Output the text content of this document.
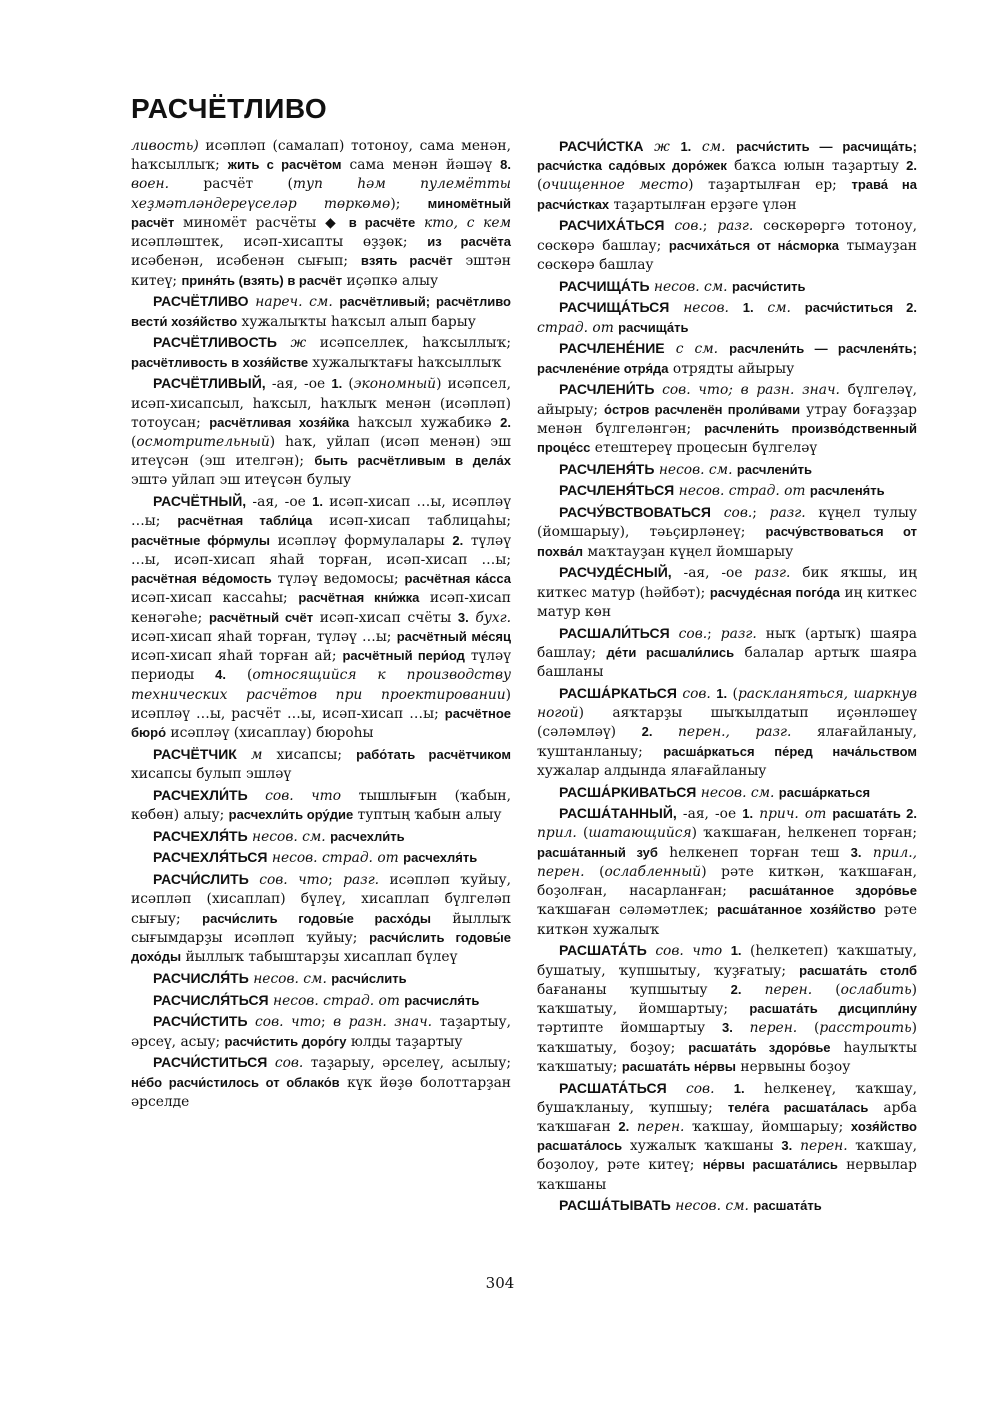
РАСЧЁТЛИВО

ливость) исәпләп (самалап) тотоноу, сама менән, һаҡсыллыҡ; жить с расчётом сама менән йәшәү 8. воен. расчёт (туп һәм пулемётты хеҙмәтләндереүселәр төркөмө); миномётный расчёт миномёт расчёты ◆ в расчёте кто, с кем исәпләштек, исәп-хисапты өҙҙөк; из расчёта исәбенән, исәбенән сығып; взять расчёт эштән китеү; приня́ть (взять) в расчёт иҫәпкә алыу

РАСЧЁТЛИВО нареч. см. расчётливый; расчётливо вести́ хозя́йство хужалыҡты һаҡсыл алып барыу

РАСЧЁТЛИВОСТЬ ж исәпселлек, һаҡсыллыҡ; расчётливость в хозя́йстве хужалыҡтағы һаҡсыллыҡ

РАСЧЁТЛИВЫЙ, -ая, -ое 1. (экономный) исәпсел, исәп-хисапсыл, һаҡсыл, һаҡлыҡ менән (исәпләп) тотоусан; расчётливая хозя́йка һаҡсыл хужабикә 2. (осмотрительный) һаҡ, уйлап (исәп менән) эш итеүсән (эш ителгән); быть расчётливым в дела́х эштә уйлап эш итеүсән булыу

РАСЧЁТНЫЙ, -ая, -ое 1. исәп-хисап …ы, исәпләү …ы; расчётная табли́ца исәп-хисап таблицаһы; расчётные фо́рмулы исәпләү формулалары 2. түләү …ы, исәп-хисап яһай торған, исәп-хисап …ы; расчётная ве́домость түләү ведомосы; расчётная ка́сса исәп-хисап кассаһы; расчётная кни́жка исәп-хисап кенәгәһе; расчётный счёт исәп-хисап счёты 3. бухг. исәп-хисап яһай торған, түләү …ы; расчётный ме́сяц исәп-хисап яһай торған ай; расчётный пери́од түләү периоды 4. (относящийся к производству технических расчётов при проектировании) исәпләү …ы, расчёт …ы, исәп-хисап …ы; расчётное бюро́ исәпләү (хисаплау) бюроһы

РАСЧЁТЧИК м хисапсы; рабо́тать расчётчиком хисапсы булып эшләү

РАСЧЕХЛИ́ТЬ сов. что тышлығын (ҡабын, көбөн) алыу; расчехли́ть ору́дие туптың ҡабын алыу

РАСЧЕХЛЯ́ТЬ несов. см. расчехли́ть

РАСЧЕХЛЯ́ТЬСЯ несов. страд. от расчехля́ть

РАСЧИ́СЛИТЬ сов. что; разг. исәпләп ҡуйыу, исәпләп (хисаплап) бүлеү, хисаплап бүлгеләп сығыу; расчи́слить годовы́е расхо́ды йыллыҡ сығымдарҙы исәпләп ҡуйыу; расчи́слить годовы́е дохо́ды йыллыҡ табыштарҙы хисаплап бүлеү

РАСЧИСЛЯ́ТЬ несов. см. расчи́слить

РАСЧИСЛЯ́ТЬСЯ несов. страд. от расчисля́ть

РАСЧИ́СТИТЬ сов. что; в разн. знач. таҙартыу, әрсеү, асыу; расчи́стить доро́гу юлды таҙартыу

РАСЧИ́СТИТЬСЯ сов. таҙарыу, әрселеү, асылыу; не́бо расчи́стилось от облако́в күк йөҙө болоттарҙан әрселде

РАСЧИ́СТКА ж 1. см. расчи́стить — расчища́ть; расчи́стка садо́вых доро́жек баҡса юлын таҙартыу 2. (очищенное место) таҙартылған ер; трава́ на расчи́стках таҙартылған ерҙәге үлән

РАСЧИХА́ТЬСЯ сов.; разг. сөскөрөргә тотоноу, сөскөрә башлау; расчиха́ться от на́сморка тымауҙан сөскөрә башлау

РАСЧИЩА́ТЬ несов. см. расчи́стить

РАСЧИЩА́ТЬСЯ несов. 1. см. расчи́ститься 2. страд. от расчища́ть

РАСЧЛЕНЕ́НИЕ с см. расчлени́ть — расчленя́ть; расчлене́ние отря́да отрядты айырыу

РАСЧЛЕНИ́ТЬ сов. что; в разн. знач. бүлгеләү, айырыу; о́стров расчленён проли́вами утрау боғаҙҙар менән бүлгеләнгән; расчлени́ть произво́дственный проце́сс етештереү процесын бүлгеләү

РАСЧЛЕНЯ́ТЬ несов. см. расчлени́ть

РАСЧЛЕНЯ́ТЬСЯ несов. страд. от расчленя́ть

РАСЧУ́ВСТВОВАТЬСЯ сов.; разг. күңел тулыу (йомшарыу), тәьҫирләнеү; расчу́вствоваться от похва́л маҡтауҙан күңел йомшарыу

РАСЧУДЕ́СНЫЙ, -ая, -ое разг. бик яҡшы, иң киткес матур (һәйбәт); расчуде́сная пого́да иң киткес матур көн

РАСШАЛИ́ТЬСЯ сов.; разг. ныҡ (артыҡ) шаяра башлау; де́ти расшали́лись балалар артыҡ шаяра башланы

РАСША́РКАТЬСЯ сов. 1. (раскланяться, шаркнув ногой) аяҡтарҙы шыҡылдатып иҫәнләшеү (сәләмләү) 2. перен., разг. ялағайланыу, ҡуштанланыу; расша́ркаться пе́ред нача́льством хужалар алдында ялағайланыу

РАСША́РКИВАТЬСЯ несов. см. расша́ркаться

РАСША́ТАННЫЙ, -ая, -ое 1. прич. от расшата́ть 2. прил. (шатающийся) ҡаҡшаған, һелкенеп торған; расша́танный зуб һелкенеп торған теш 3. прил., перен. (ослабленный) рәте киткән, ҡаҡшаған, боҙолған, насарланған; расша́танное здоро́вье ҡаҡшаған сәләмәтлек; расша́танное хозя́йство рәте киткән хужалыҡ

РАСШАТА́ТЬ сов. что 1. (һелкетеп) ҡаҡшатыу, бушатыу, ҡупшытыу, ҡуҙғатыу; расшата́ть столб бағананы ҡупшытыу 2. перен. (ослабить) ҡаҡшатыу, йомшартыу; расшата́ть дисципли́ну тәртипте йомшартыу 3. перен. (расстроить) ҡаҡшатыу, боҙоу; расшата́ть здоро́вье һаулыҡты ҡаҡшатыу; расшата́ть не́рвы нервыны боҙоу

РАСШАТА́ТЬСЯ сов. 1. һелкенеү, ҡаҡшау, бушаҡланыу, ҡупшыу; теле́га расшата́лась арба ҡаҡшаған 2. перен. ҡаҡшау, йомшарыу; хозя́йство расшата́лось хужалыҡ ҡаҡшаны 3. перен. ҡаҡшау, боҙолоу, рәте китеү; не́рвы расшата́лись нервылар ҡаҡшаны

РАСША́ТЫВАТЬ несов. см. расшата́ть

304
